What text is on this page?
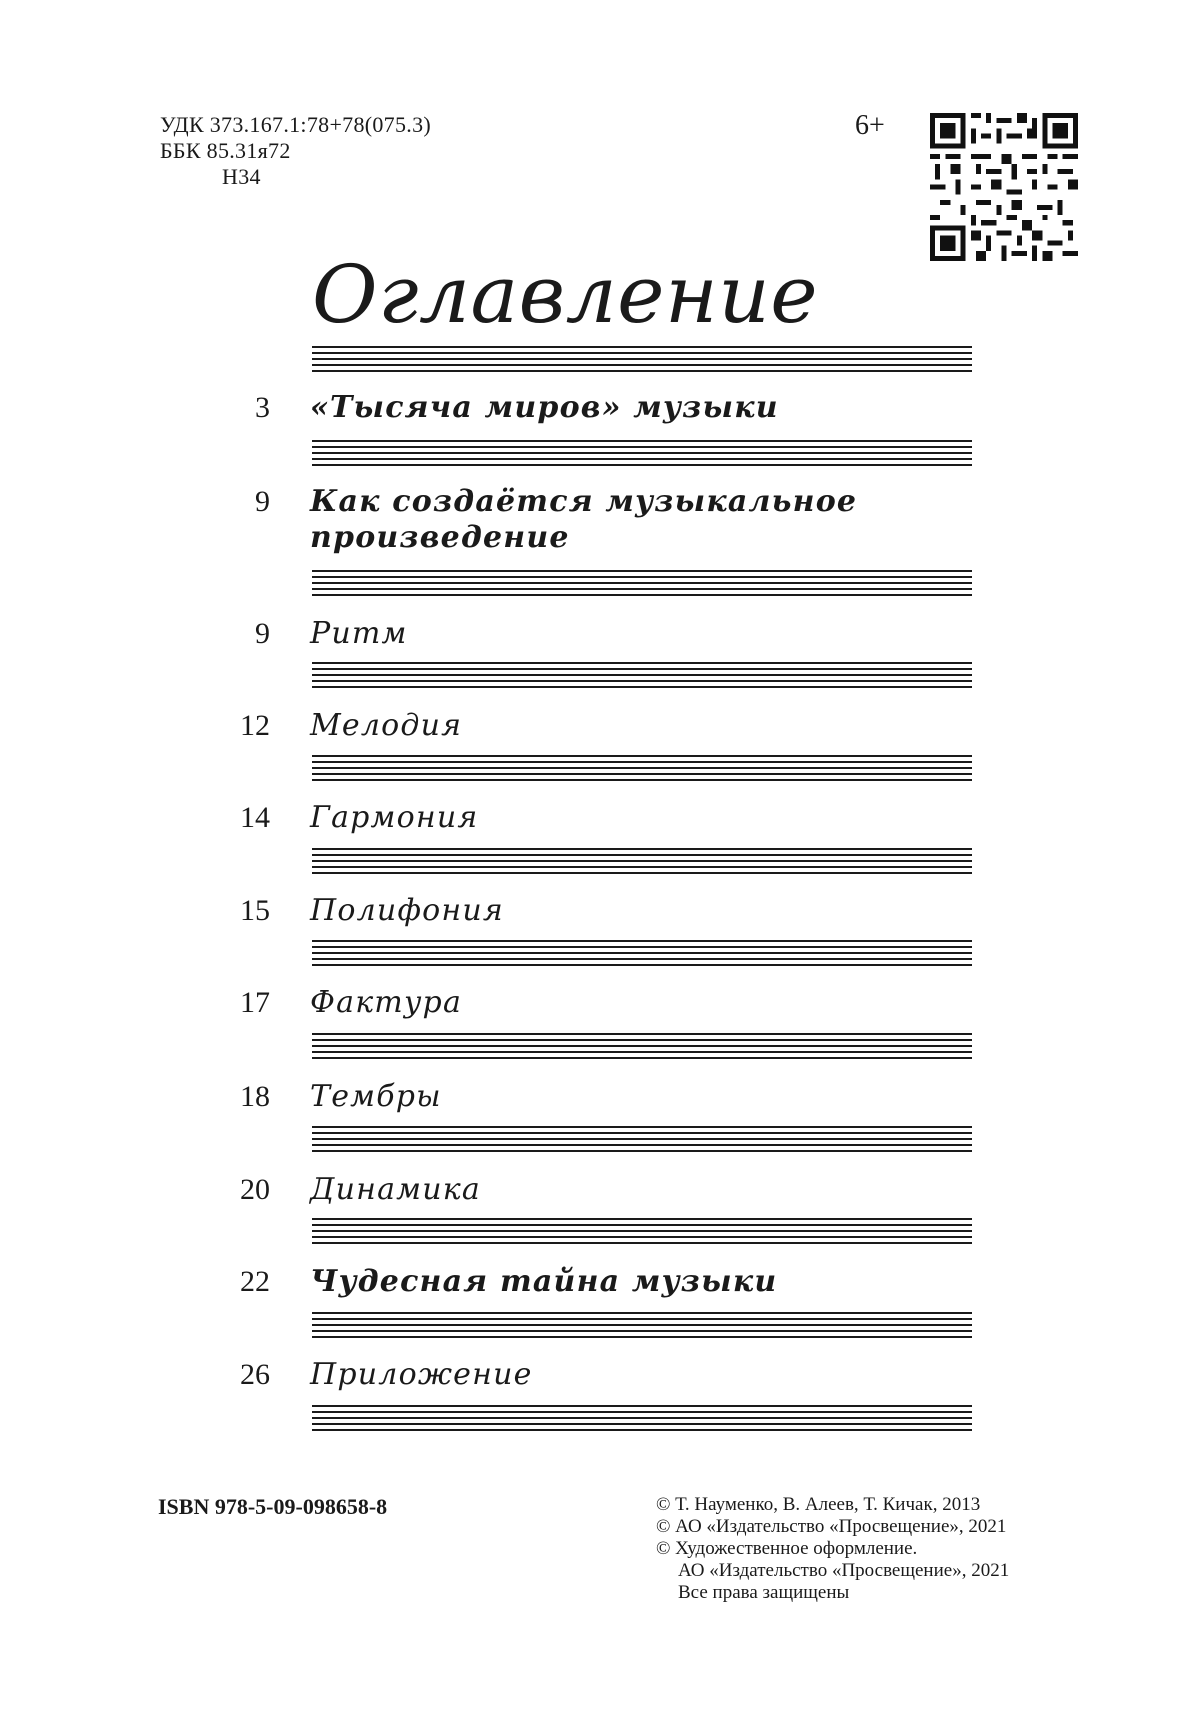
УДК 373.167.1:78+78(075.3)
ББК 85.31я72
Н34
6+
Оглавление
3 «Тысяча миров» музыки
9 Как создаётся музыкальное
произведение
9 Ритм
12 Мелодия
14 Гармония
15 Полифония
17 Фактура
18 Тембры
20 Динамика
22 Чудесная тайна музыки
26 Приложение
ISBN 978-5-09-098658-8	© Т. Науменко, В. Алеев, Т. Кичак, 2013
© АО «Издательство «Просвещение», 2021
© Художественное оформление.
АО «Издательство «Просвещение», 2021
Все права защищены
